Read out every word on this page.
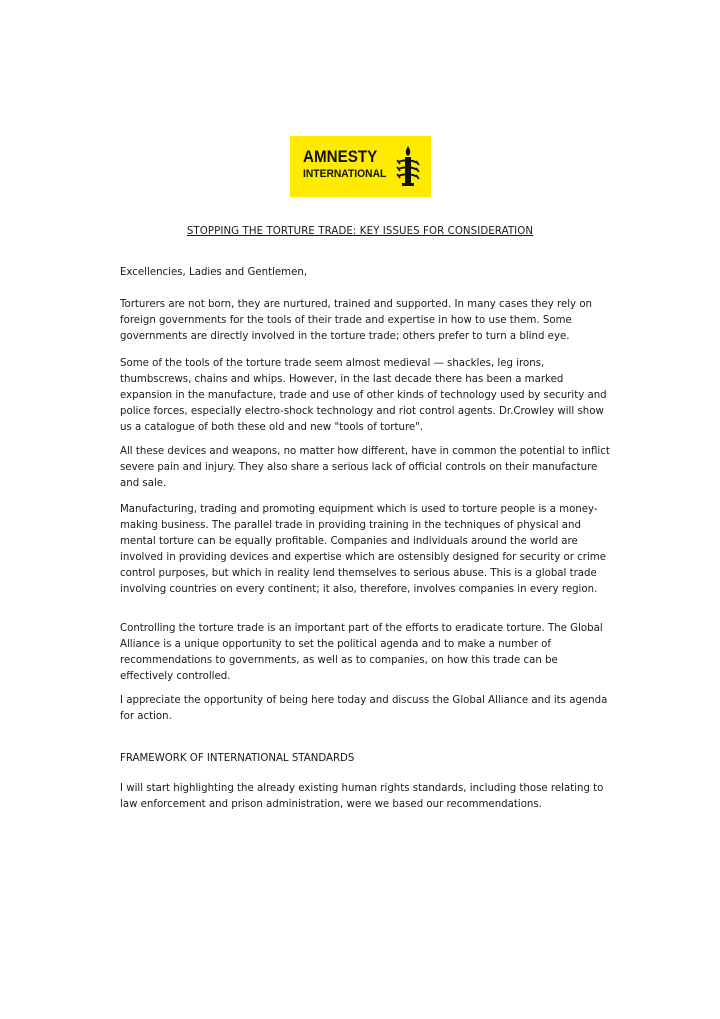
AMNESTY
INTERNATIONAL
STOPPING THE TORTURE TRADE: KEY ISSUES FOR CONSIDERATION

Excellencies, Ladies and Gentlemen,

Torturers are not born, they are nurtured, trained and supported. In many cases they rely on foreign governments for the tools of their trade and expertise in how to use them. Some governments are directly involved in the torture trade; others prefer to turn a blind eye.

Some of the tools of the torture trade seem almost medieval — shackles, leg irons, thumbscrews, chains and whips. However, in the last decade there has been a marked expansion in the manufacture, trade and use of other kinds of technology used by security and police forces, especially electro-shock technology and riot control agents. Dr.Crowley will show us a catalogue of both these old and new "tools of torture".

All these devices and weapons, no matter how different, have in common the potential to inflict severe pain and injury. They also share a serious lack of official controls on their manufacture and sale.

Manufacturing, trading and promoting equipment which is used to torture people is a money-making business. The parallel trade in providing training in the techniques of physical and mental torture can be equally profitable. Companies and individuals around the world are involved in providing devices and expertise which are ostensibly designed for security or crime control purposes, but which in reality lend themselves to serious abuse. This is a global trade involving countries on every continent; it also, therefore, involves companies in every region.

Controlling the torture trade is an important part of the efforts to eradicate torture. The Global Alliance is a unique opportunity to set the political agenda and to make a number of recommendations to governments, as well as to companies, on how this trade can be effectively controlled.

I appreciate the opportunity of being here today and discuss the Global Alliance and its agenda for action.

FRAMEWORK OF INTERNATIONAL STANDARDS

I will start highlighting the already existing human rights standards, including those relating to law enforcement and prison administration, were we based our recommendations.
